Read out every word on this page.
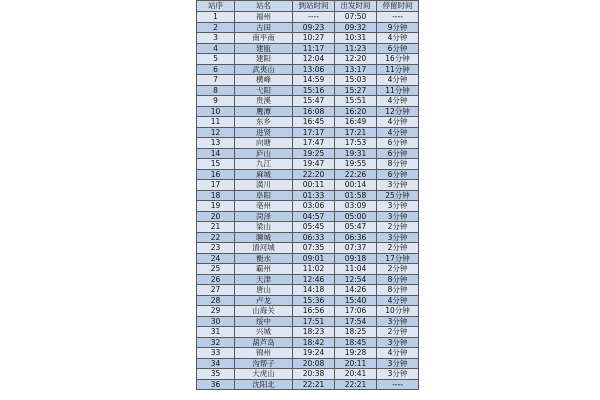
站序	站名	到站时间	出发时间	停留时间
1	福州	----	07:50	----
2	古田	09:23	09:32	9分钟
3	南平南	10:27	10:31	4分钟
4	建瓯	11:17	11:23	6分钟
5	建阳	12:04	12:20	16分钟
6	武夷山	13:06	13:17	11分钟
7	横峰	14:59	15:03	4分钟
8	弋阳	15:16	15:27	11分钟
9	贵溪	15:47	15:51	4分钟
10	鹰潭	16:08	16:20	12分钟
11	东乡	16:45	16:49	4分钟
12	进贤	17:17	17:21	4分钟
13	向塘	17:47	17:53	6分钟
14	庐山	19:25	19:31	6分钟
15	九江	19:47	19:55	8分钟
16	麻城	22:20	22:26	6分钟
17	潢川	00:11	00:14	3分钟
18	阜阳	01:33	01:58	25分钟
19	亳州	03:06	03:09	3分钟
20	菏泽	04:57	05:00	3分钟
21	梁山	05:45	05:47	2分钟
22	聊城	06:33	06:36	3分钟
23	清河城	07:35	07:37	2分钟
24	衡水	09:01	09:18	17分钟
25	霸州	11:02	11:04	2分钟
26	天津	12:46	12:54	8分钟
27	唐山	14:18	14:26	8分钟
28	卢龙	15:36	15:40	4分钟
29	山海关	16:56	17:06	10分钟
30	绥中	17:51	17:54	3分钟
31	兴城	18:23	18:25	2分钟
32	葫芦岛	18:42	18:45	3分钟
33	锦州	19:24	19:28	4分钟
34	沟帮子	20:08	20:11	3分钟
35	大虎山	20:38	20:41	3分钟
36	沈阳北	22:21	22:21	----
